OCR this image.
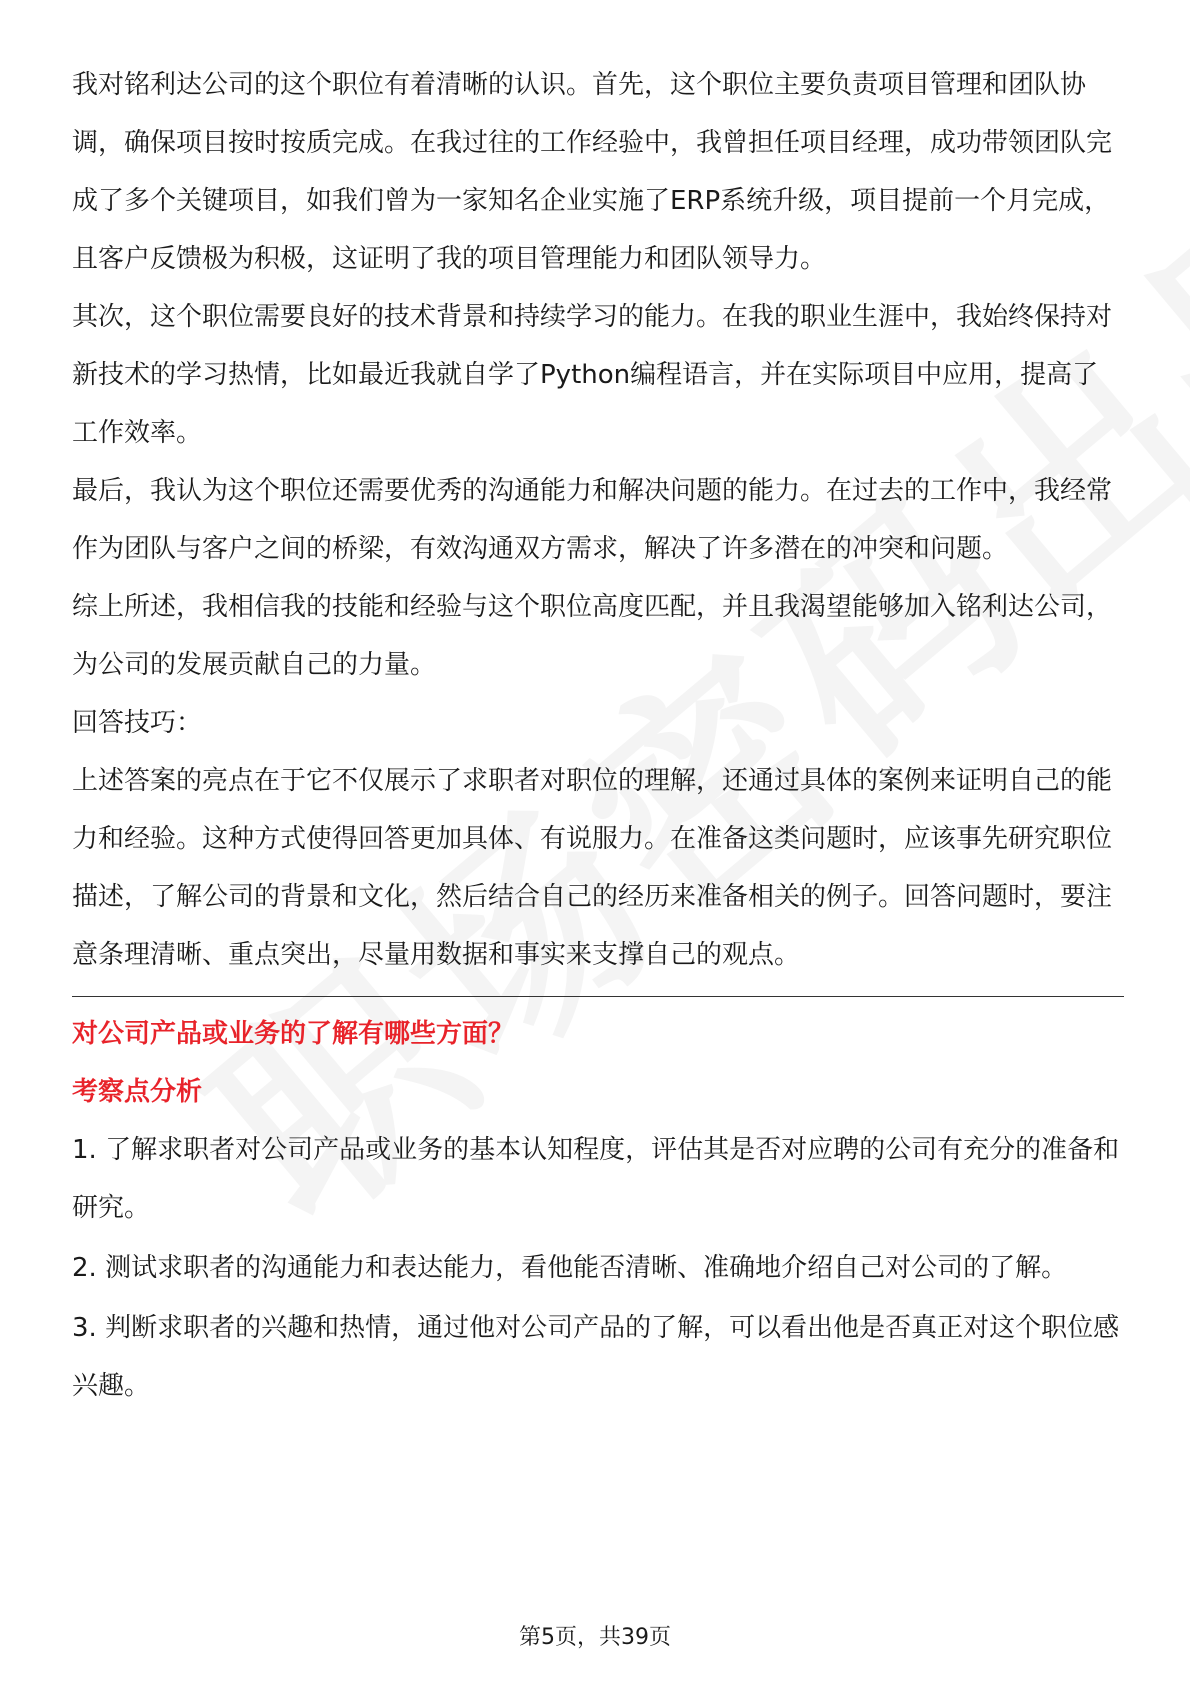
我对铭利达公司的这个职位有着清晰的认识。首先，这个职位主要负责项目管理和团队协调，确保项目按时按质完成。在我过往的工作经验中，我曾担任项目经理，成功带领团队完成了多个关键项目，如我们曾为一家知名企业实施了ERP系统升级，项目提前一个月完成，且客户反馈极为积极，这证明了我的项目管理能力和团队领导力。

其次，这个职位需要良好的技术背景和持续学习的能力。在我的职业生涯中，我始终保持对新技术的学习热情，比如最近我就自学了Python编程语言，并在实际项目中应用，提高了工作效率。

最后，我认为这个职位还需要优秀的沟通能力和解决问题的能力。在过去的工作中，我经常作为团队与客户之间的桥梁，有效沟通双方需求，解决了许多潜在的冲突和问题。

综上所述，我相信我的技能和经验与这个职位高度匹配，并且我渴望能够加入铭利达公司，为公司的发展贡献自己的力量。

回答技巧：

上述答案的亮点在于它不仅展示了求职者对职位的理解，还通过具体的案例来证明自己的能力和经验。这种方式使得回答更加具体、有说服力。在准备这类问题时，应该事先研究职位描述，了解公司的背景和文化，然后结合自己的经历来准备相关的例子。回答问题时，要注意条理清晰、重点突出，尽量用数据和事实来支撑自己的观点。

对公司产品或业务的了解有哪些方面？

考察点分析

1. 了解求职者对公司产品或业务的基本认知程度，评估其是否对应聘的公司有充分的准备和研究。

2. 测试求职者的沟通能力和表达能力，看他能否清晰、准确地介绍自己对公司的了解。

3. 判断求职者的兴趣和热情，通过他对公司产品的了解，可以看出他是否真正对这个职位感兴趣。

第5页，共39页
